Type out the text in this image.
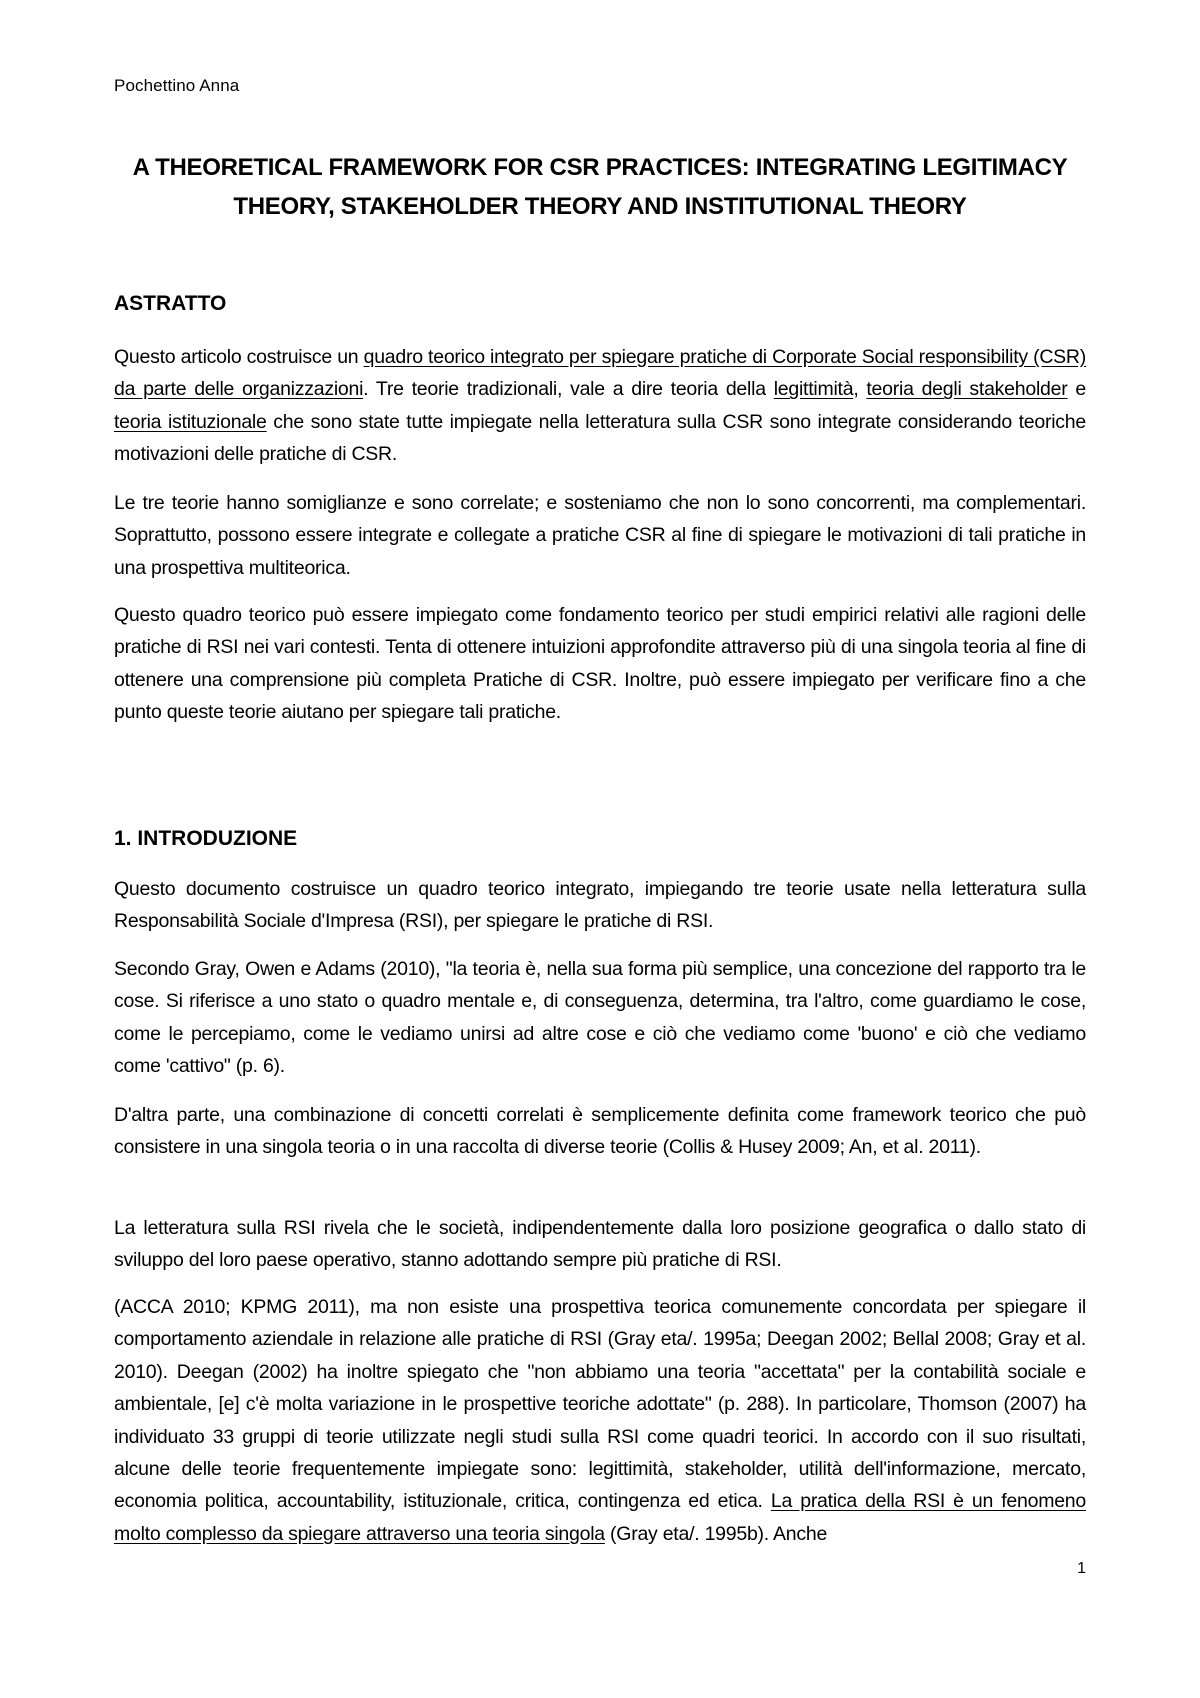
Pochettino Anna
A THEORETICAL FRAMEWORK FOR CSR PRACTICES: INTEGRATING LEGITIMACY THEORY, STAKEHOLDER THEORY AND INSTITUTIONAL THEORY
ASTRATTO
Questo articolo costruisce un quadro teorico integrato per spiegare pratiche di Corporate Social responsibility (CSR) da parte delle organizzazioni. Tre teorie tradizionali, vale a dire teoria della legittimità, teoria degli stakeholder e teoria istituzionale che sono state tutte impiegate nella letteratura sulla CSR sono integrate considerando teoriche motivazioni delle pratiche di CSR.
Le tre teorie hanno somiglianze e sono correlate; e sosteniamo che non lo sono concorrenti, ma complementari. Soprattutto, possono essere integrate e collegate a pratiche CSR al fine di spiegare le motivazioni di tali pratiche in una prospettiva multiteorica.
Questo quadro teorico può essere impiegato come fondamento teorico per studi empirici relativi alle ragioni delle pratiche di RSI nei vari contesti. Tenta di ottenere intuizioni approfondite attraverso più di una singola teoria al fine di ottenere una comprensione più completa Pratiche di CSR. Inoltre, può essere impiegato per verificare fino a che punto queste teorie aiutano per spiegare tali pratiche.
1. INTRODUZIONE
Questo documento costruisce un quadro teorico integrato, impiegando tre teorie usate nella letteratura sulla Responsabilità Sociale d'Impresa (RSI), per spiegare le pratiche di RSI.
Secondo Gray, Owen e Adams (2010), "la teoria è, nella sua forma più semplice, una concezione del rapporto tra le cose. Si riferisce a uno stato o quadro mentale e, di conseguenza, determina, tra l'altro, come guardiamo le cose, come le percepiamo, come le vediamo unirsi ad altre cose e ciò che vediamo come 'buono' e ciò che vediamo come 'cattivo" (p. 6).
D'altra parte, una combinazione di concetti correlati è semplicemente definita come framework teorico che può consistere in una singola teoria o in una raccolta di diverse teorie (Collis & Husey 2009; An, et al. 2011).
La letteratura sulla RSI rivela che le società, indipendentemente dalla loro posizione geografica o dallo stato di sviluppo del loro paese operativo, stanno adottando sempre più pratiche di RSI.
(ACCA 2010; KPMG 2011), ma non esiste una prospettiva teorica comunemente concordata per spiegare il comportamento aziendale in relazione alle pratiche di RSI (Gray eta/. 1995a; Deegan 2002; Bellal 2008; Gray et al. 2010). Deegan (2002) ha inoltre spiegato che "non abbiamo una teoria "accettata" per la contabilità sociale e ambientale, [e] c'è molta variazione in le prospettive teoriche adottate" (p. 288). In particolare, Thomson (2007) ha individuato 33 gruppi di teorie utilizzate negli studi sulla RSI come quadri teorici. In accordo con il suo risultati, alcune delle teorie frequentemente impiegate sono: legittimità, stakeholder, utilità dell'informazione, mercato, economia politica, accountability, istituzionale, critica, contingenza ed etica. La pratica della RSI è un fenomeno molto complesso da spiegare attraverso una teoria singola (Gray eta/. 1995b). Anche
1
